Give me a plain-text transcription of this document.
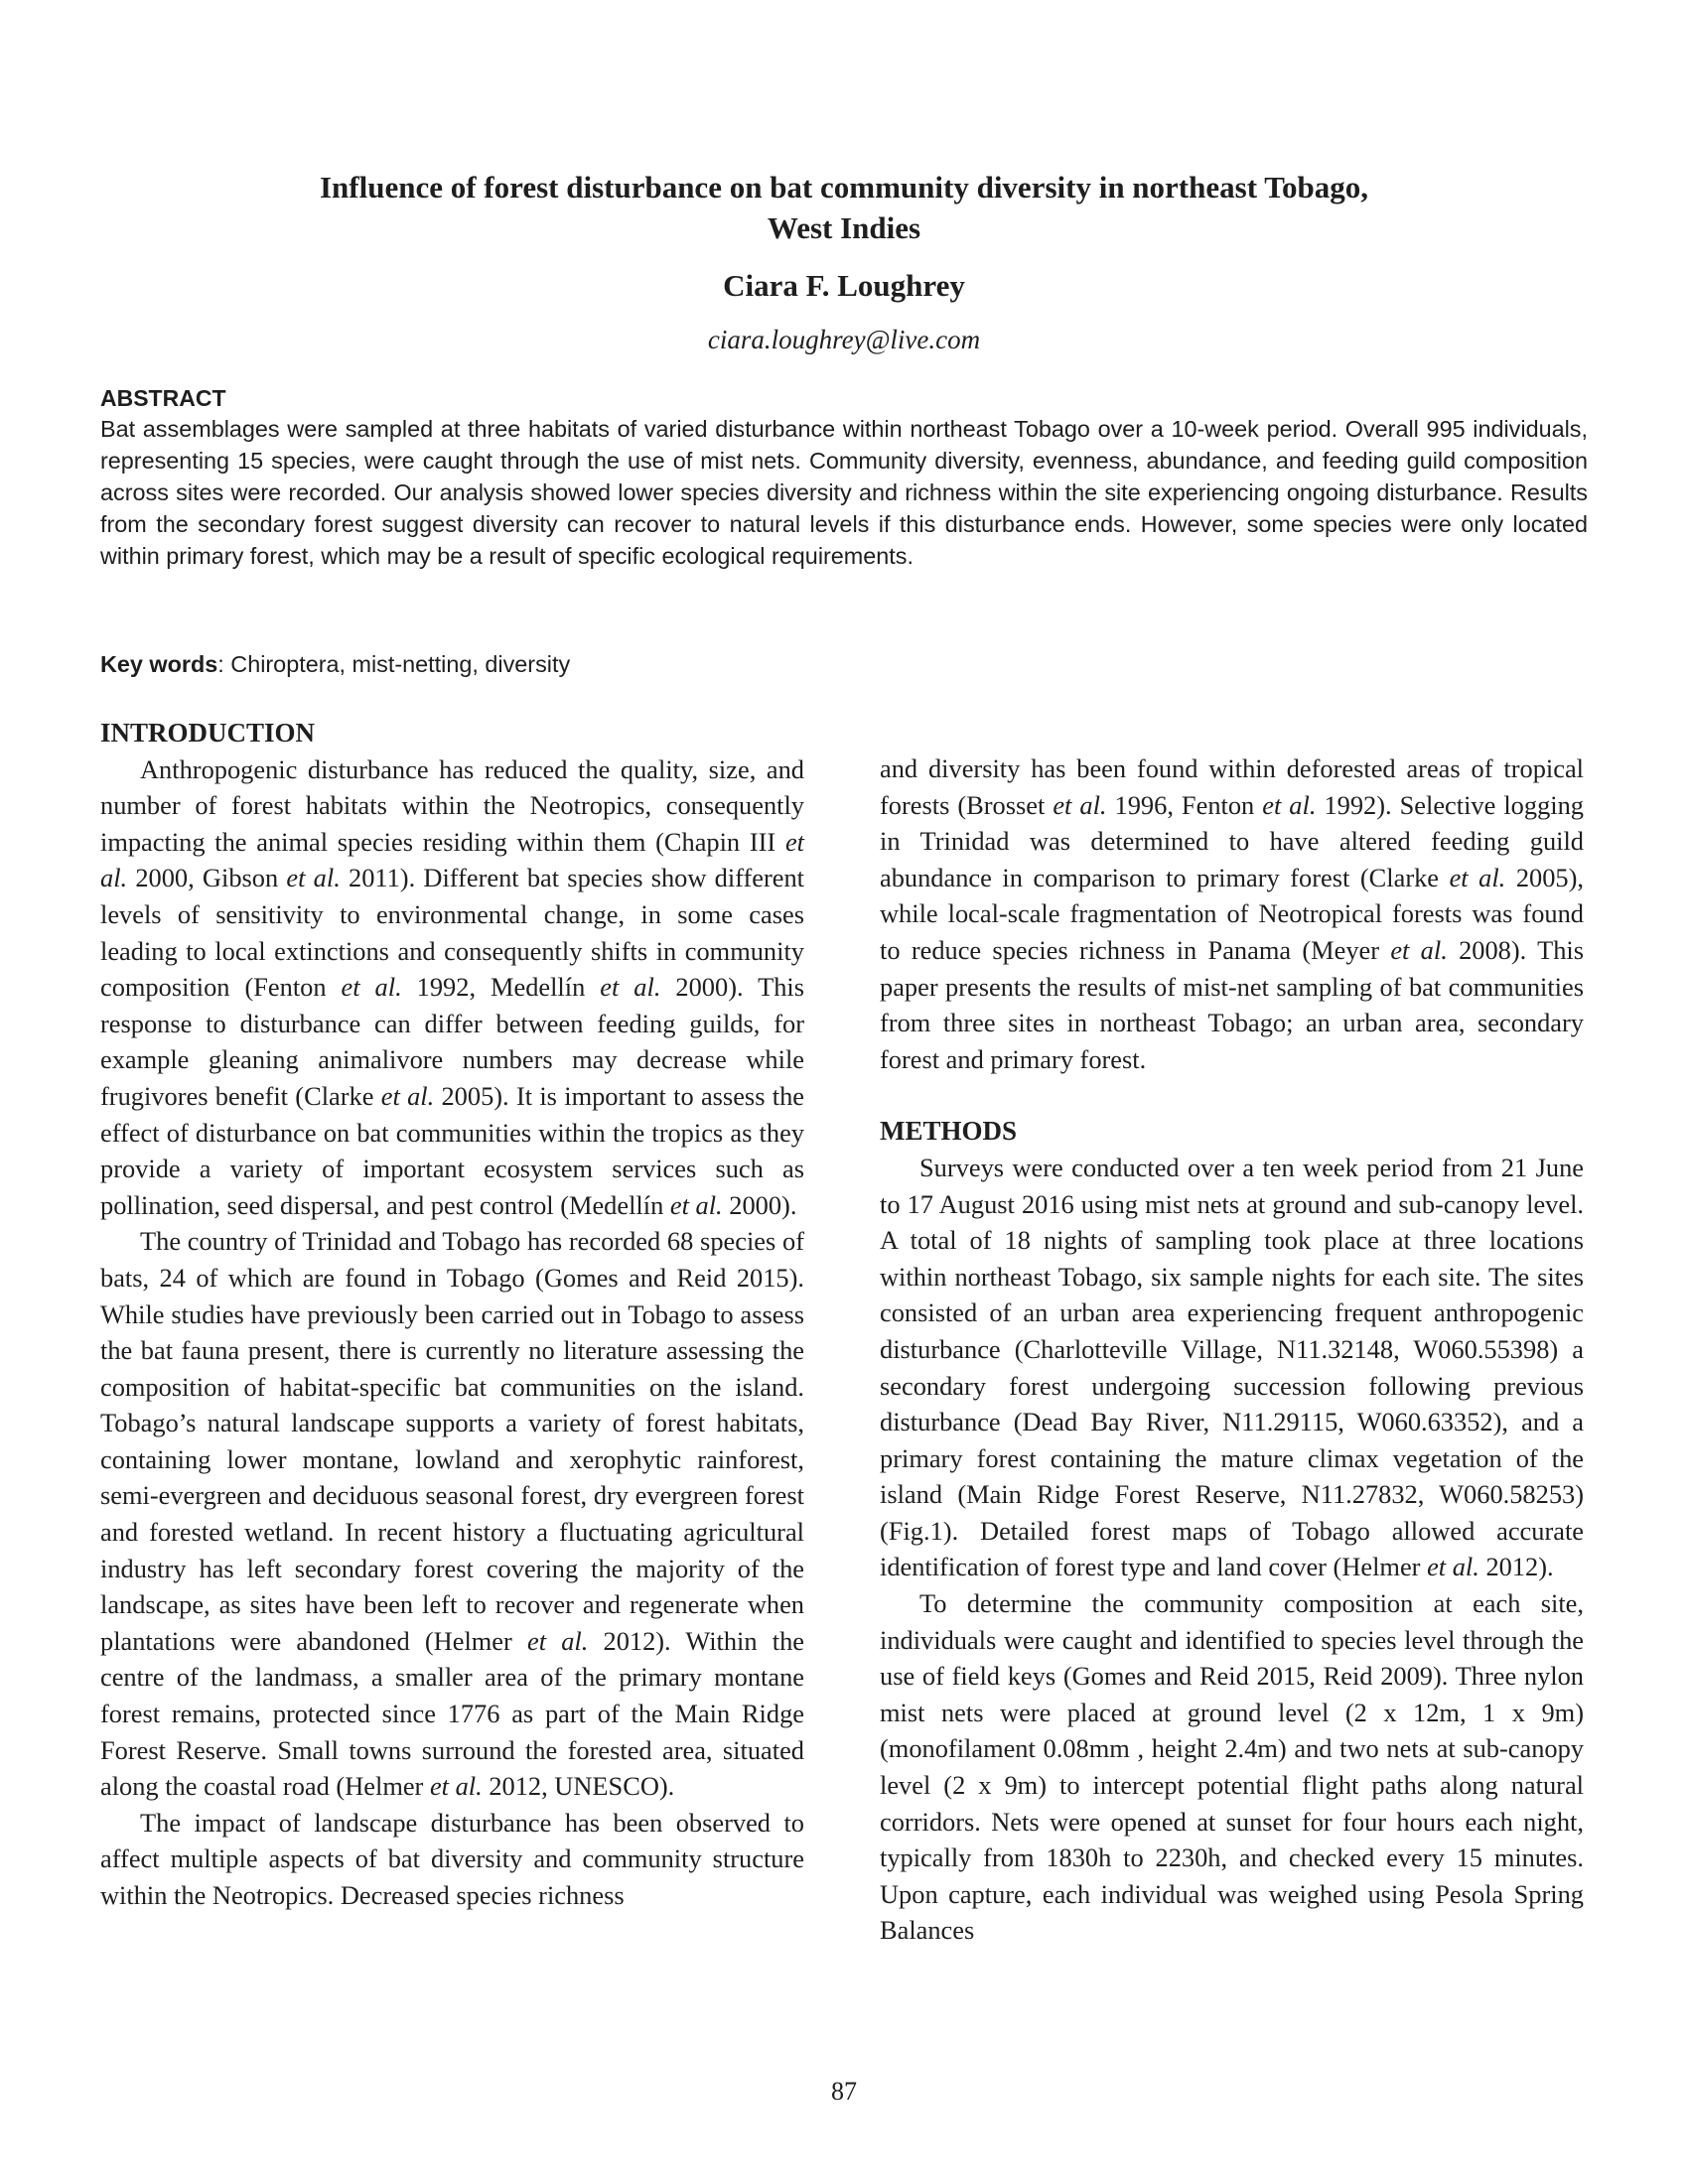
Influence of forest disturbance on bat community diversity in northeast Tobago,
West Indies
Ciara F. Loughrey
ciara.loughrey@live.com
ABSTRACT

Bat assemblages were sampled at three habitats of varied disturbance within northeast Tobago over a 10-week period. Overall 995 individuals, representing 15 species, were caught through the use of mist nets. Community diversity, evenness, abundance, and feeding guild composition across sites were recorded. Our analysis showed lower species diversity and richness within the site experiencing ongoing disturbance. Results from the secondary forest suggest diversity can recover to natural levels if this disturbance ends. However, some species were only located within primary forest, which may be a result of specific ecological requirements.

Key words: Chiroptera, mist-netting, diversity
INTRODUCTION

Anthropogenic disturbance has reduced the quality, size, and number of forest habitats within the Neotropics, consequently impacting the animal species residing within them (Chapin III et al. 2000, Gibson et al. 2011). Different bat species show different levels of sensitivity to environmental change, in some cases leading to local extinctions and consequently shifts in community composition (Fenton et al. 1992, Medellín et al. 2000). This response to disturbance can differ between feeding guilds, for example gleaning animalivore numbers may decrease while frugivores benefit (Clarke et al. 2005). It is important to assess the effect of disturbance on bat communities within the tropics as they provide a variety of important ecosystem services such as pollination, seed dispersal, and pest control (Medellín et al. 2000).

The country of Trinidad and Tobago has recorded 68 species of bats, 24 of which are found in Tobago (Gomes and Reid 2015). While studies have previously been carried out in Tobago to assess the bat fauna present, there is currently no literature assessing the composition of habitat-specific bat communities on the island. Tobago’s natural landscape supports a variety of forest habitats, containing lower montane, lowland and xerophytic rainforest, semi-evergreen and deciduous seasonal forest, dry evergreen forest and forested wetland. In recent history a fluctuating agricultural industry has left secondary forest covering the majority of the landscape, as sites have been left to recover and regenerate when plantations were abandoned (Helmer et al. 2012). Within the centre of the landmass, a smaller area of the primary montane forest remains, protected since 1776 as part of the Main Ridge Forest Reserve. Small towns surround the forested area, situated along the coastal road (Helmer et al. 2012, UNESCO).

The impact of landscape disturbance has been observed to affect multiple aspects of bat diversity and community structure within the Neotropics. Decreased species richness

and diversity has been found within deforested areas of tropical forests (Brosset et al. 1996, Fenton et al. 1992). Selective logging in Trinidad was determined to have altered feeding guild abundance in comparison to primary forest (Clarke et al. 2005), while local-scale fragmentation of Neotropical forests was found to reduce species richness in Panama (Meyer et al. 2008). This paper presents the results of mist-net sampling of bat communities from three sites in northeast Tobago; an urban area, secondary forest and primary forest.

METHODS

Surveys were conducted over a ten week period from 21 June to 17 August 2016 using mist nets at ground and sub-canopy level. A total of 18 nights of sampling took place at three locations within northeast Tobago, six sample nights for each site. The sites consisted of an urban area experiencing frequent anthropogenic disturbance (Charlotteville Village, N11.32148, W060.55398) a secondary forest undergoing succession following previous disturbance (Dead Bay River, N11.29115, W060.63352), and a primary forest containing the mature climax vegetation of the island (Main Ridge Forest Reserve, N11.27832, W060.58253) (Fig.1). Detailed forest maps of Tobago allowed accurate identification of forest type and land cover (Helmer et al. 2012).

To determine the community composition at each site, individuals were caught and identified to species level through the use of field keys (Gomes and Reid 2015, Reid 2009). Three nylon mist nets were placed at ground level (2 x 12m, 1 x 9m) (monofilament 0.08mm , height 2.4m) and two nets at sub-canopy level (2 x 9m) to intercept potential flight paths along natural corridors. Nets were opened at sunset for four hours each night, typically from 1830h to 2230h, and checked every 15 minutes. Upon capture, each individual was weighed using Pesola Spring Balances

87
